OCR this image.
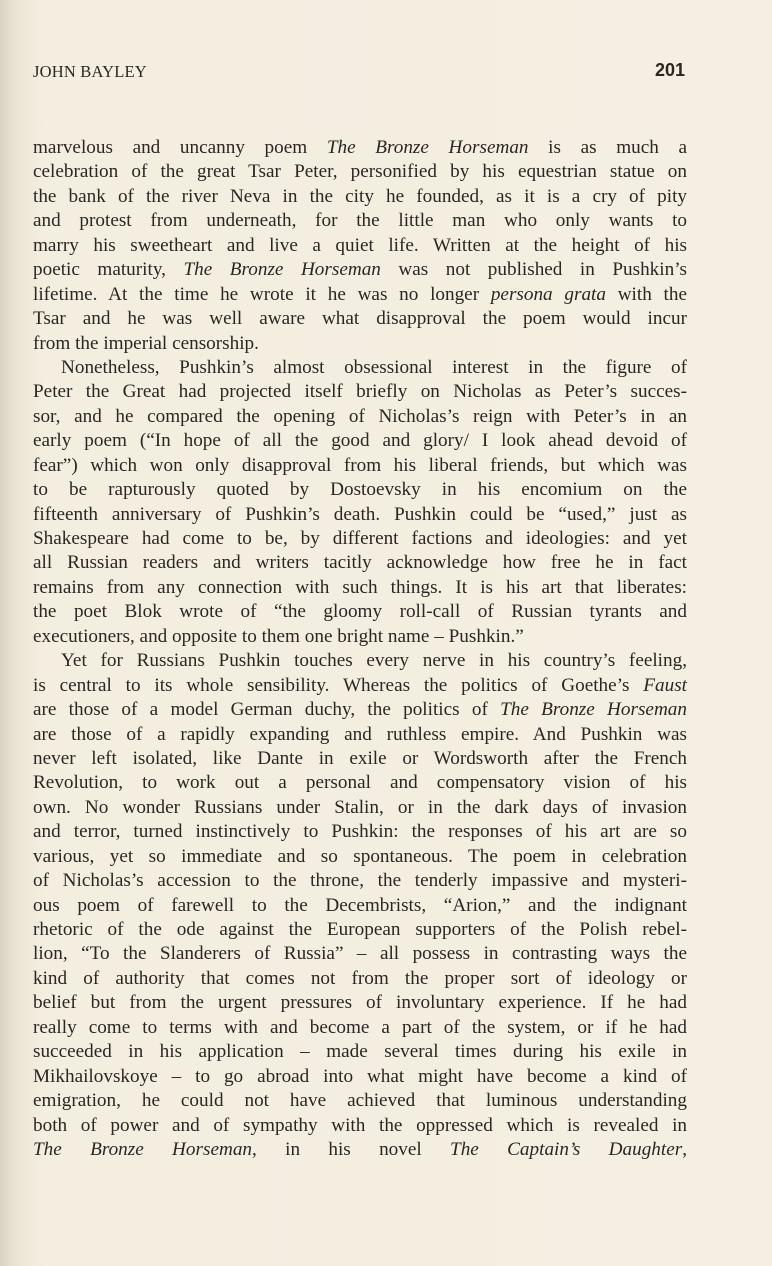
JOHN BAYLEY	201
marvelous and uncanny poem The Bronze Horseman is as much a
celebration of the great Tsar Peter, personified by his equestrian statue on
the bank of the river Neva in the city he founded, as it is a cry of pity
and protest from underneath, for the little man who only wants to
marry his sweetheart and live a quiet life. Written at the height of his
poetic maturity, The Bronze Horseman was not published in Pushkin’s
lifetime. At the time he wrote it he was no longer persona grata with the
Tsar and he was well aware what disapproval the poem would incur
from the imperial censorship.
Nonetheless, Pushkin’s almost obsessional interest in the figure of
Peter the Great had projected itself briefly on Nicholas as Peter’s succes-
sor, and he compared the opening of Nicholas’s reign with Peter’s in an
early poem (“In hope of all the good and glory/ I look ahead devoid of
fear”) which won only disapproval from his liberal friends, but which was
to be rapturously quoted by Dostoevsky in his encomium on the
fifteenth anniversary of Pushkin’s death. Pushkin could be “used,” just as
Shakespeare had come to be, by different factions and ideologies: and yet
all Russian readers and writers tacitly acknowledge how free he in fact
remains from any connection with such things. It is his art that liberates:
the poet Blok wrote of “the gloomy roll-call of Russian tyrants and
executioners, and opposite to them one bright name – Pushkin.”
Yet for Russians Pushkin touches every nerve in his country’s feeling,
is central to its whole sensibility. Whereas the politics of Goethe’s Faust
are those of a model German duchy, the politics of The Bronze Horseman
are those of a rapidly expanding and ruthless empire. And Pushkin was
never left isolated, like Dante in exile or Wordsworth after the French
Revolution, to work out a personal and compensatory vision of his
own. No wonder Russians under Stalin, or in the dark days of invasion
and terror, turned instinctively to Pushkin: the responses of his art are so
various, yet so immediate and so spontaneous. The poem in celebration
of Nicholas’s accession to the throne, the tenderly impassive and mysteri-
ous poem of farewell to the Decembrists, “Arion,” and the indignant
rhetoric of the ode against the European supporters of the Polish rebel-
lion, “To the Slanderers of Russia” – all possess in contrasting ways the
kind of authority that comes not from the proper sort of ideology or
belief but from the urgent pressures of involuntary experience. If he had
really come to terms with and become a part of the system, or if he had
succeeded in his application – made several times during his exile in
Mikhailovskoye – to go abroad into what might have become a kind of
emigration, he could not have achieved that luminous understanding
both of power and of sympathy with the oppressed which is revealed in
The Bronze Horseman, in his novel The Captain’s Daughter,
